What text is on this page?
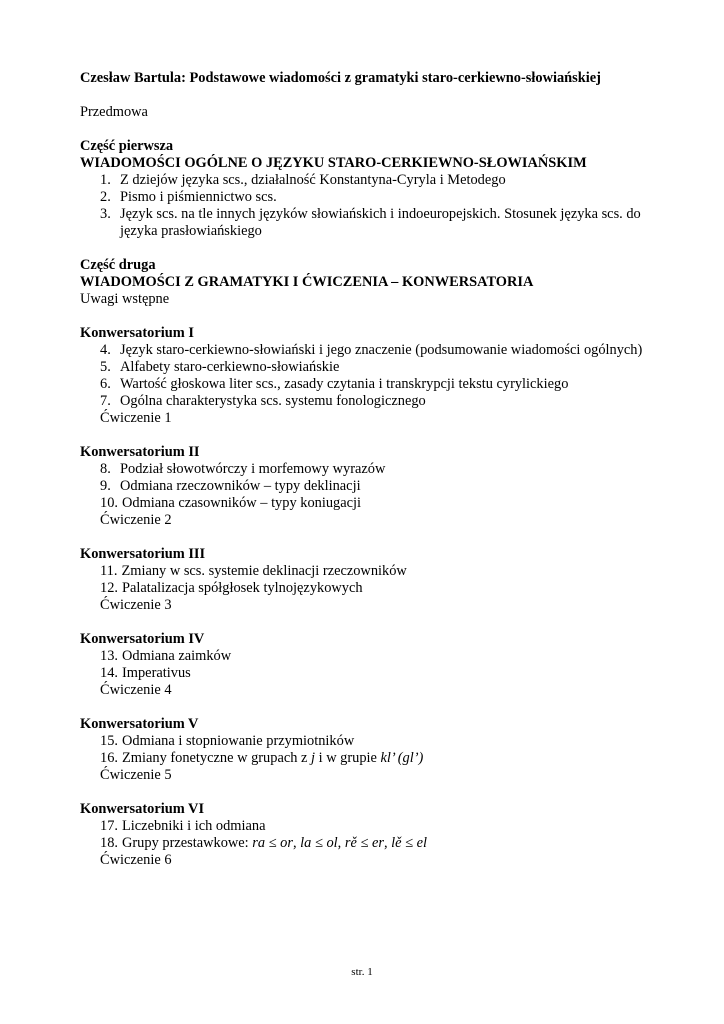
Czesław Bartula: Podstawowe wiadomości z gramatyki staro-cerkiewno-słowiańskiej
Przedmowa
Część pierwsza
WIADOMOŚCI OGÓLNE O JĘZYKU STARO-CERKIEWNO-SŁOWIAŃSKIM
1. Z dziejów języka scs., działalność Konstantyna-Cyryla i Metodego
2. Pismo i piśmiennictwo scs.
3. Język scs. na tle innych języków słowiańskich i indoeuropejskich. Stosunek języka scs. do języka prasłowiańskiego
Część druga
WIADOMOŚCI Z GRAMATYKI I ĆWICZENIA – KONWERSATORIA
Uwagi wstępne
Konwersatorium I
4. Język staro-cerkiewno-słowiański i jego znaczenie (podsumowanie wiadomości ogólnych)
5. Alfabety staro-cerkiewno-słowiańskie
6. Wartość głoskowa liter scs., zasady czytania i transkrypcji tekstu cyrylickiego
7. Ogólna charakterystyka scs. systemu fonologicznego
Ćwiczenie 1
Konwersatorium II
8. Podział słowotwórczy i morfemowy wyrazów
9. Odmiana rzeczowników – typy deklinacji
10. Odmiana czasowników – typy koniugacji
Ćwiczenie 2
Konwersatorium III
11. Zmiany w scs. systemie deklinacji rzeczowników
12. Palatalizacja spółgłosek tylnojęzykowych
Ćwiczenie 3
Konwersatorium IV
13. Odmiana zaimków
14. Imperativus
Ćwiczenie 4
Konwersatorium V
15. Odmiana i stopniowanie przymiotników
16. Zmiany fonetyczne w grupach z j i w grupie kl’ (gl’)
Ćwiczenie 5
Konwersatorium VI
17. Liczebniki i ich odmiana
18. Grupy przestawkowe: ra ≤ or, la ≤ ol, rě ≤ er, lě ≤ el
Ćwiczenie 6
str. 1
